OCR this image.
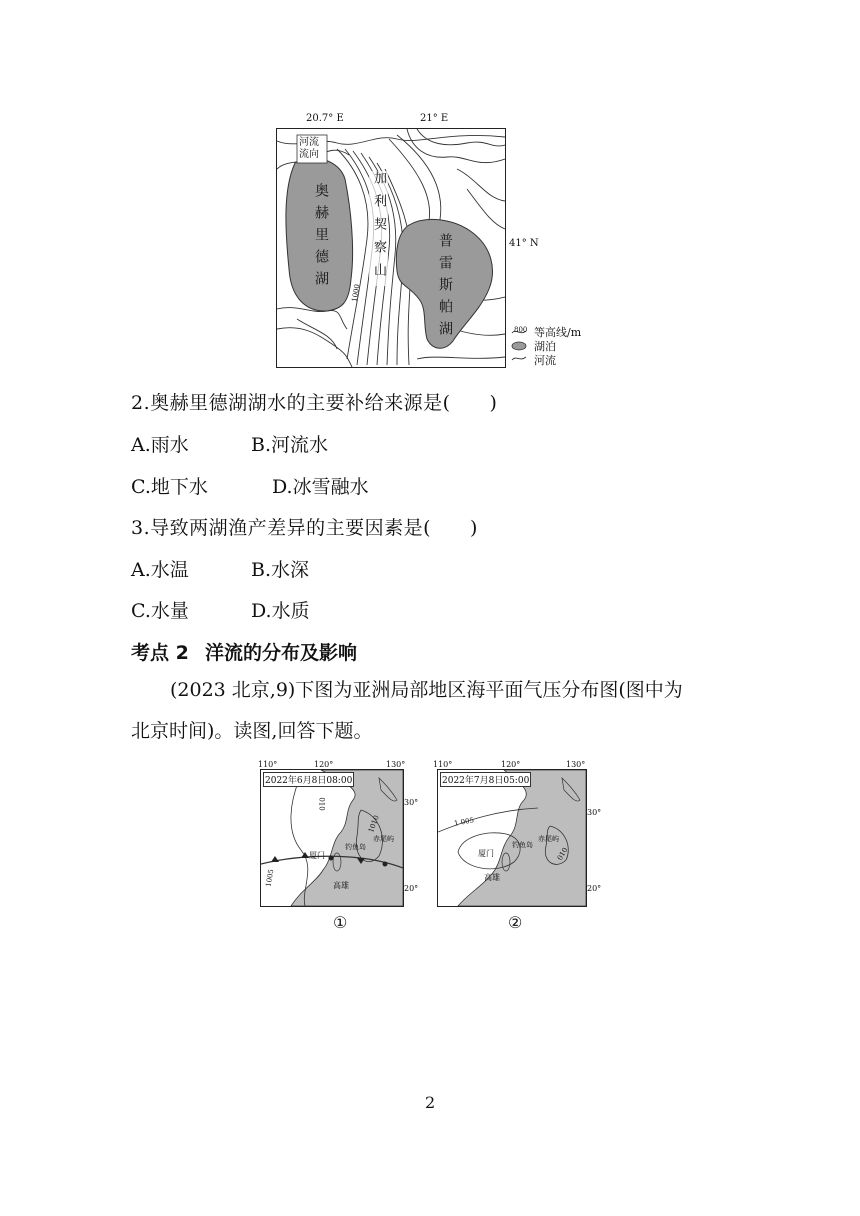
20.7° E	21° E
河流
流向
奥赫里德湖	普雷斯帕湖
加利契察山
1000
41° N
800 等高线/m
湖泊
河流
2.奥赫里德湖湖水的主要补给来源是(　　)
A.雨水	B.河流水
C.地下水	D.冰雪融水
3.导致两湖渔产差异的主要因素是(　　)
A.水温	B.水深
C.水量	D.水质
考点 2 洋流的分布及影响
(2023 北京,9)下图为亚洲局部地区海平面气压分布图(图中为
北京时间)。读图,回答下题。
110°	120°	130°
2022年6月8日08:00
厦门
钓鱼岛
赤尾屿
高雄
010
1010
1005
30°
20°
①
110°	120°	130°
2022年7月8日05:00
厦门
钓鱼岛
赤尾屿
高雄
1 005
010
30°
20°
②
2
